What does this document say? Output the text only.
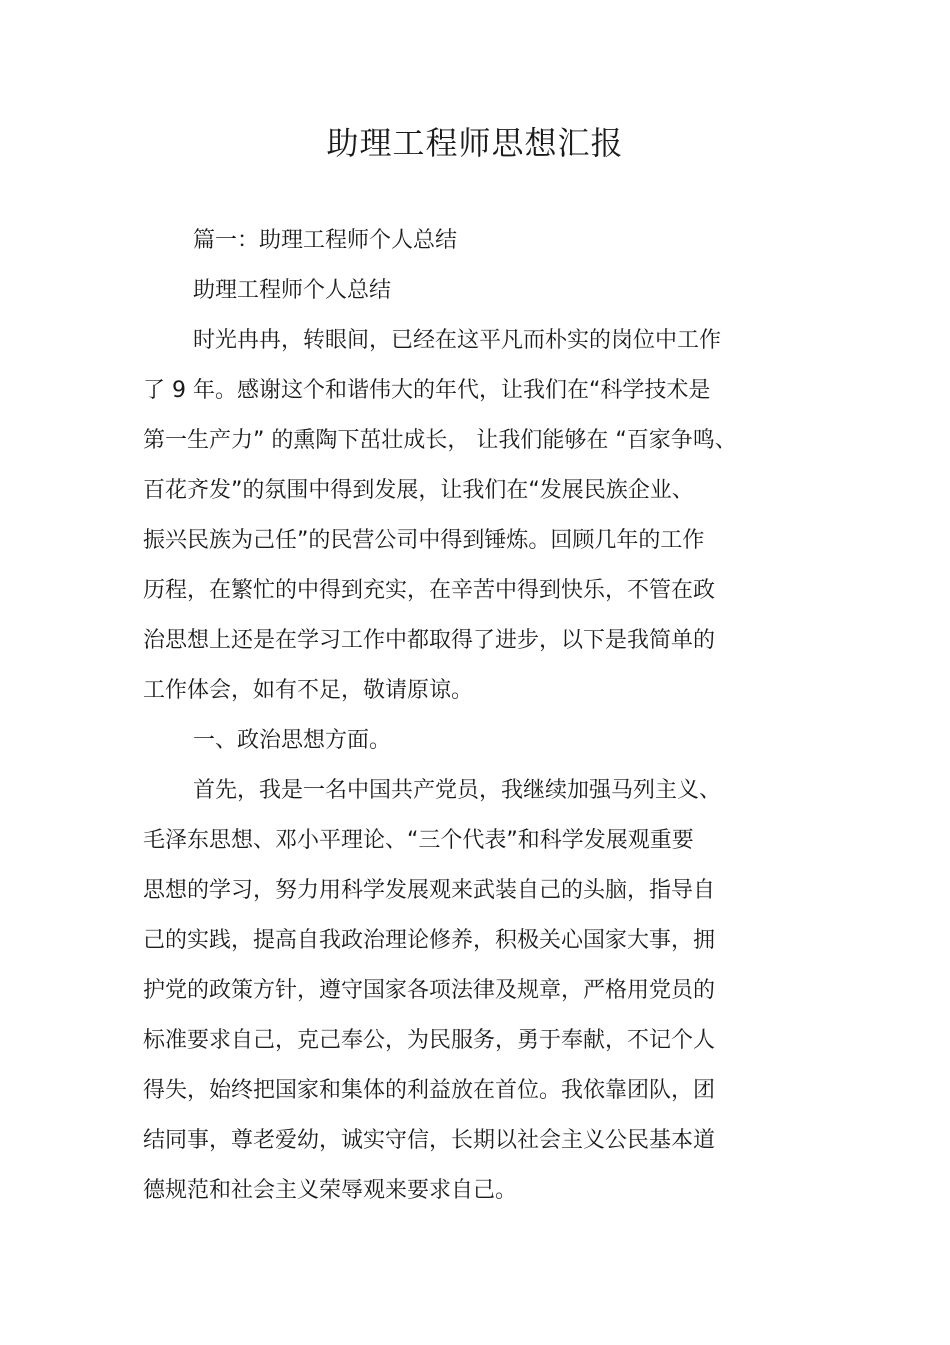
助理工程师思想汇报

篇一：助理工程师个人总结

助理工程师个人总结

时光冉冉，转眼间，已经在这平凡而朴实的岗位中工作

了 9 年。感谢这个和谐伟大的年代，让我们在“科学技术是

第一生产力” 的熏陶下茁壮成长， 让我们能够在 “百家争鸣、

百花齐发”的氛围中得到发展，让我们在“发展民族企业、

振兴民族为己任”的民营公司中得到锤炼。回顾几年的工作

历程，在繁忙的中得到充实，在辛苦中得到快乐，不管在政

治思想上还是在学习工作中都取得了进步，以下是我简单的

工作体会，如有不足，敬请原谅。

一、政治思想方面。

首先，我是一名中国共产党员，我继续加强马列主义、

毛泽东思想、邓小平理论、“三个代表”和科学发展观重要

思想的学习，努力用科学发展观来武装自己的头脑，指导自

己的实践，提高自我政治理论修养，积极关心国家大事，拥

护党的政策方针，遵守国家各项法律及规章，严格用党员的

标准要求自己，克己奉公，为民服务，勇于奉献，不记个人

得失，始终把国家和集体的利益放在首位。我依靠团队，团

结同事，尊老爱幼，诚实守信，长期以社会主义公民基本道

德规范和社会主义荣辱观来要求自己。
